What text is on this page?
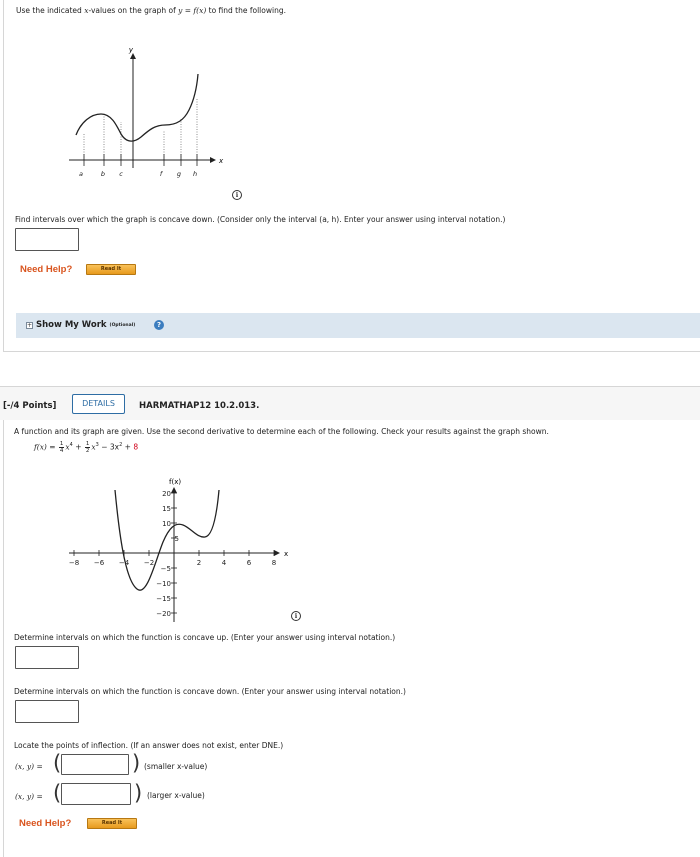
Use the indicated x-values on the graph of y = f(x) to find the following.
y
x
a	b c	f g h
i
Find intervals over which the graph is concave down. (Consider only the interval (a, h). Enter your answer using interval notation.)
Need Help?	Read It
+ Show My Work (Optional)	?
[-/4 Points]	DETAILS	HARMATHAP12 10.2.013.
A function and its graph are given. Use the second derivative to determine each of the following. Check your results against the graph shown.
$f(x) = \frac{1}{4} x^4 + \frac{1}{2} x^3 - 3x^2 + 8$
f(x)
x
20
15
10
5
−5
−10
−15
−20
−8 −6 −4 −2	2	4	6	8
i
Determine intervals on which the function is concave up. (Enter your answer using interval notation.)
Determine intervals on which the function is concave down. (Enter your answer using interval notation.)
Locate the points of inflection. (If an answer does not exist, enter DNE.)
(x, y) = (	) (smaller x-value)
(x, y) = (	) (larger x-value)
Need Help?	Read It
